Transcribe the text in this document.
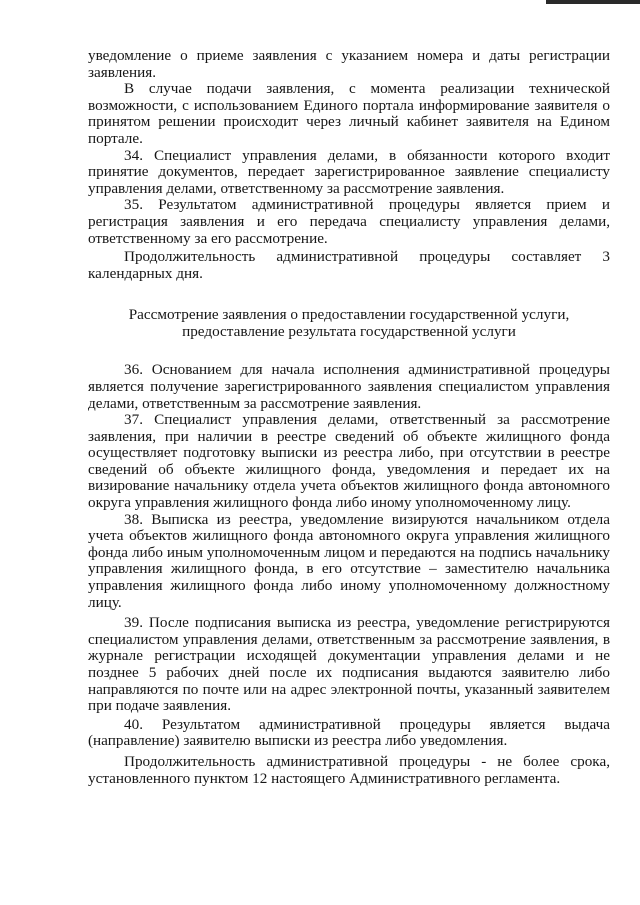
уведомление о приеме заявления с указанием номера и даты регистрации заявления.

В случае подачи заявления, с момента реализации технической возможности, с использованием Единого портала информирование заявителя о принятом решении происходит через личный кабинет заявителя на Едином портале.

34. Специалист управления делами, в обязанности которого входит принятие документов, передает зарегистрированное заявление специалисту управления делами, ответственному за рассмотрение заявления.

35. Результатом административной процедуры является прием и регистрация заявления и его передача специалисту управления делами, ответственному за его рассмотрение.

Продолжительность административной процедуры составляет 3 календарных дня.

Рассмотрение заявления о предоставлении государственной услуги,
предоставление результата государственной услуги

36. Основанием для начала исполнения административной процедуры является получение зарегистрированного заявления специалистом управления делами, ответственным за рассмотрение заявления.

37. Специалист управления делами, ответственный за рассмотрение заявления, при наличии в реестре сведений об объекте жилищного фонда осуществляет подготовку выписки из реестра либо, при отсутствии в реестре сведений об объекте жилищного фонда, уведомления и передает их на визирование начальнику отдела учета объектов жилищного фонда автономного округа управления жилищного фонда либо иному уполномоченному лицу.

38. Выписка из реестра, уведомление визируются начальником отдела учета объектов жилищного фонда автономного округа управления жилищного фонда либо иным уполномоченным лицом и передаются на подпись начальнику управления жилищного фонда, в его отсутствие – заместителю начальника управления жилищного фонда либо иному уполномоченному должностному лицу.

39. После подписания выписка из реестра, уведомление регистрируются специалистом управления делами, ответственным за рассмотрение заявления, в журнале регистрации исходящей документации управления делами и не позднее 5 рабочих дней после их подписания выдаются заявителю либо направляются по почте или на адрес электронной почты, указанный заявителем при подаче заявления.

40. Результатом административной процедуры является выдача (направление) заявителю выписки из реестра либо уведомления.

Продолжительность административной процедуры - не более срока, установленного пунктом 12 настоящего Административного регламента.
